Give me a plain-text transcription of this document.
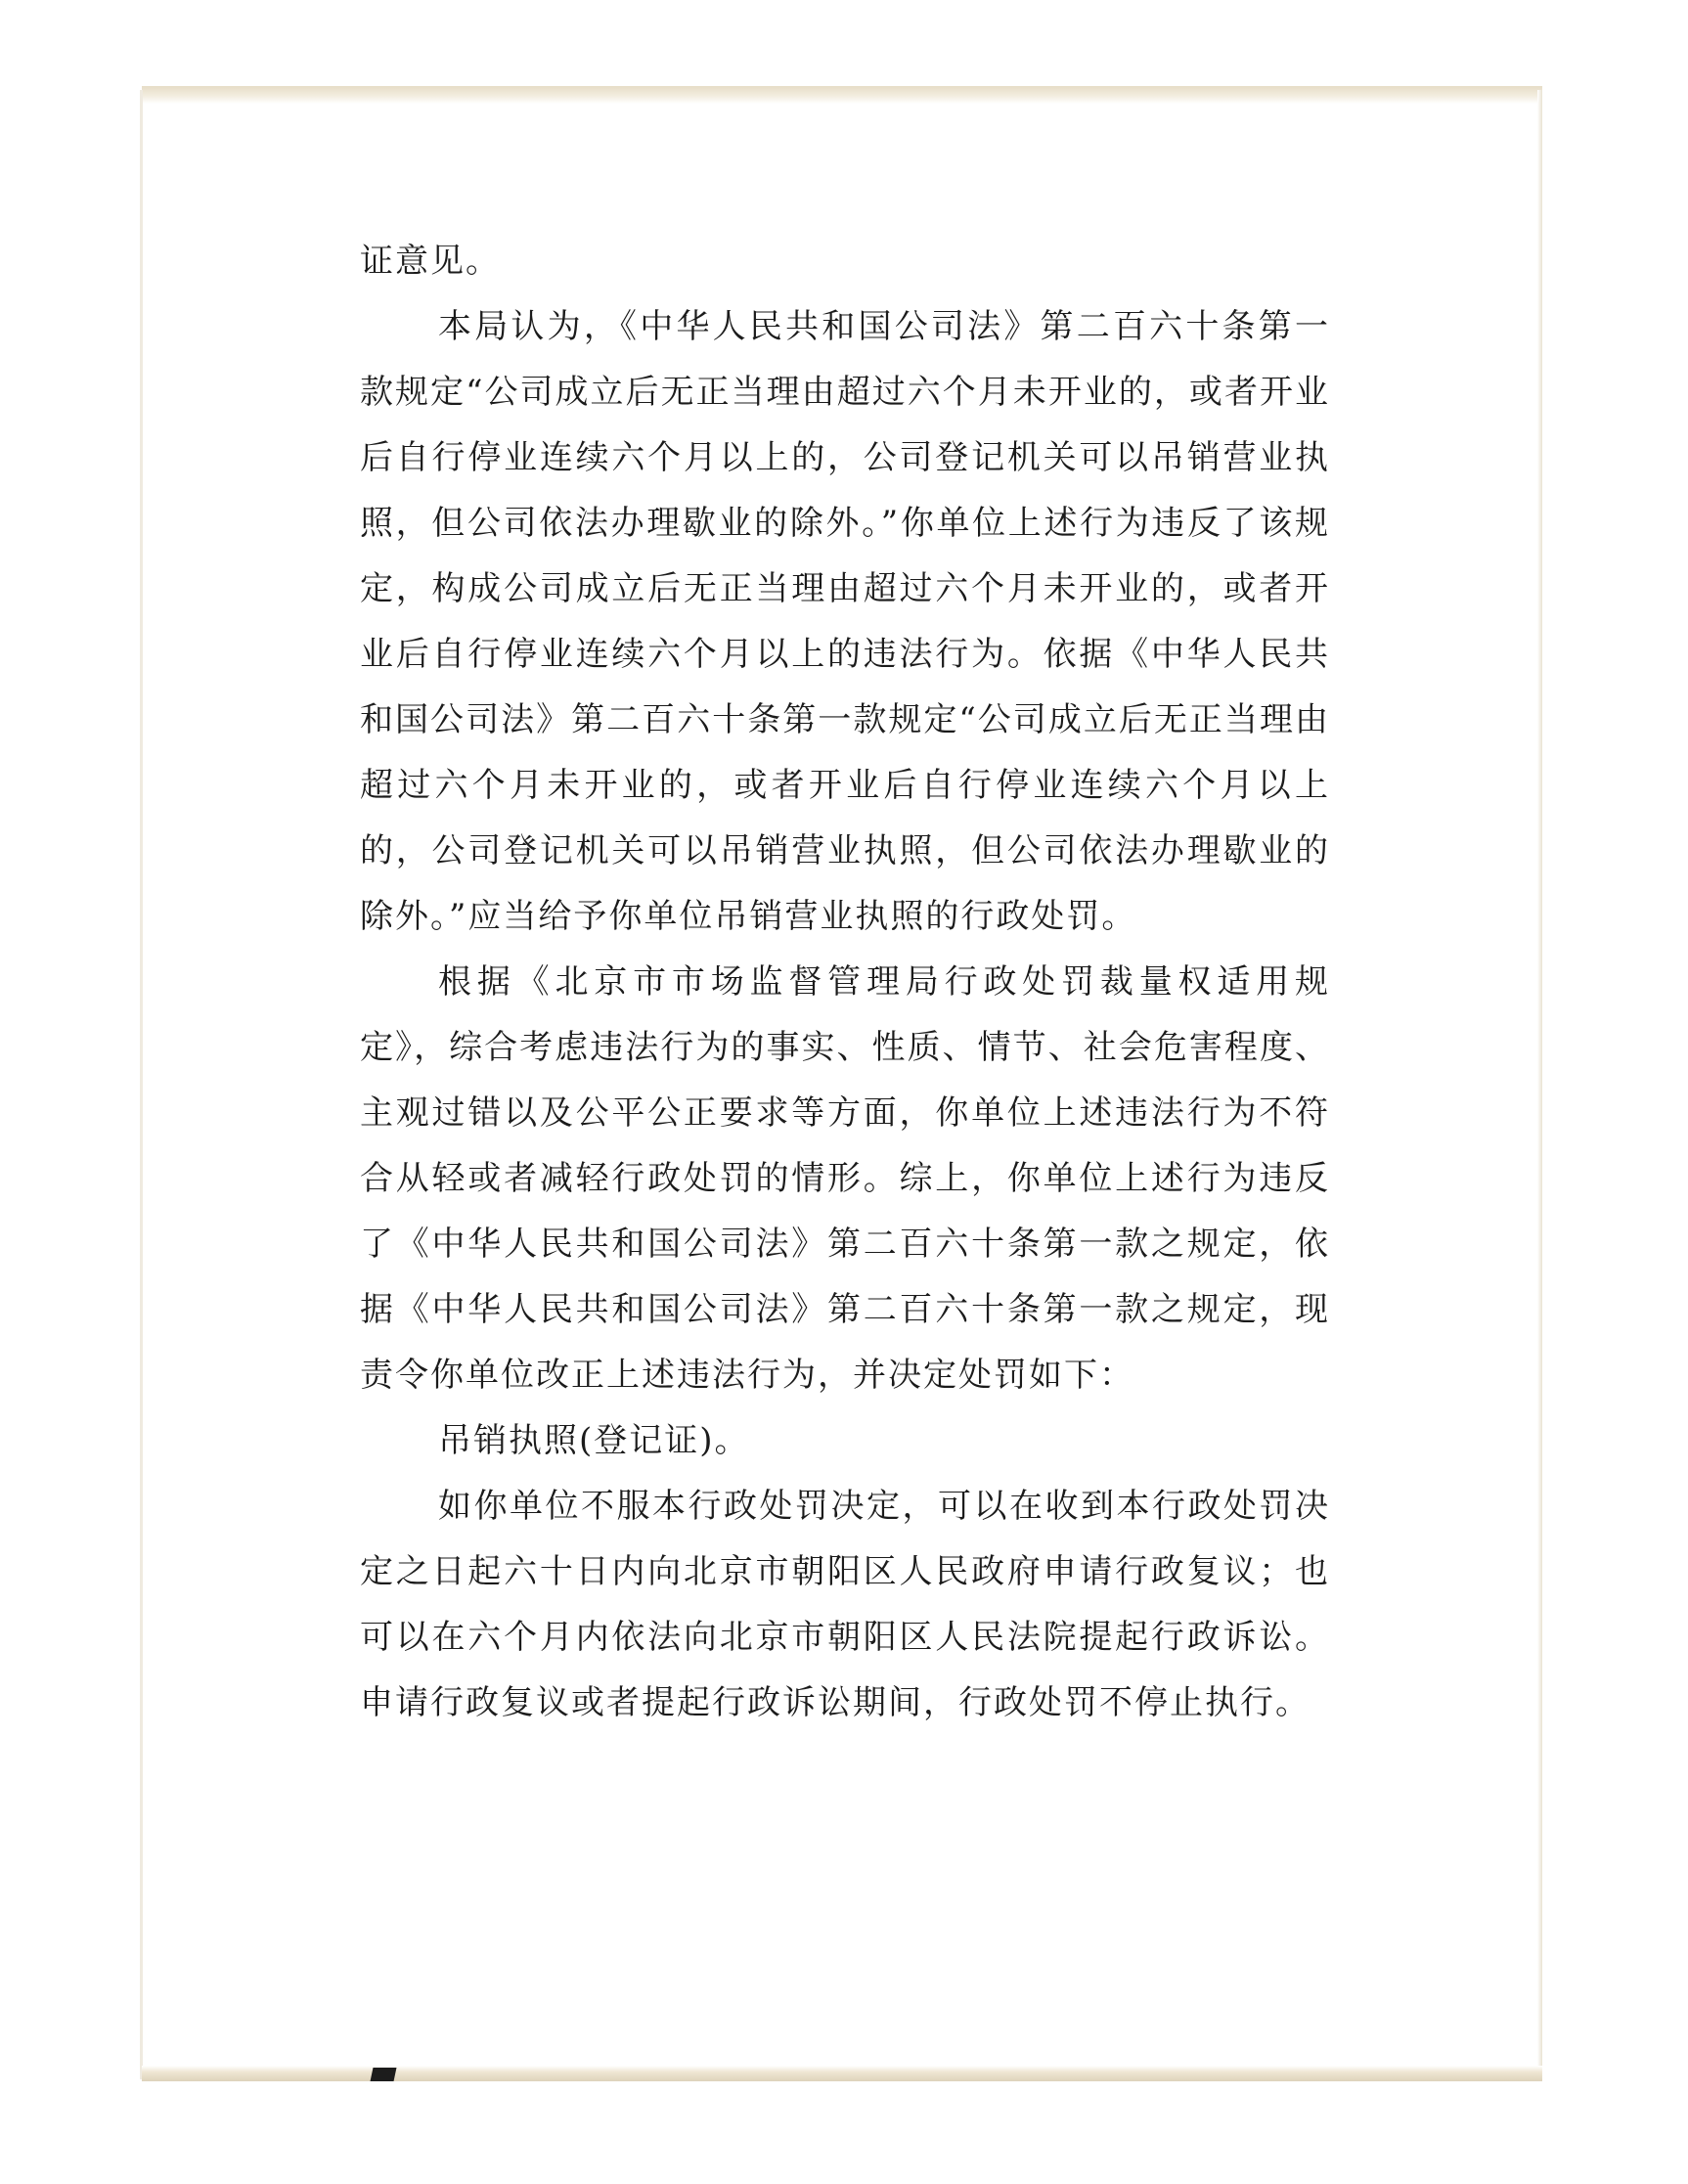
证意见。

本局认为，《中华人民共和国公司法》第二百六十条第一款规定“公司成立后无正当理由超过六个月未开业的，或者开业后自行停业连续六个月以上的，公司登记机关可以吊销营业执照，但公司依法办理歇业的除外。”你单位上述行为违反了该规定，构成公司成立后无正当理由超过六个月未开业的，或者开业后自行停业连续六个月以上的违法行为。依据《中华人民共和国公司法》第二百六十条第一款规定“公司成立后无正当理由超过六个月未开业的，或者开业后自行停业连续六个月以上的，公司登记机关可以吊销营业执照，但公司依法办理歇业的除外。”应当给予你单位吊销营业执照的行政处罚。

根据《北京市市场监督管理局行政处罚裁量权适用规定》，综合考虑违法行为的事实、性质、情节、社会危害程度、主观过错以及公平公正要求等方面，你单位上述违法行为不符合从轻或者减轻行政处罚的情形。综上，你单位上述行为违反了《中华人民共和国公司法》第二百六十条第一款之规定，依据《中华人民共和国公司法》第二百六十条第一款之规定，现责令你单位改正上述违法行为，并决定处罚如下：

吊销执照(登记证)。

如你单位不服本行政处罚决定，可以在收到本行政处罚决定之日起六十日内向北京市朝阳区人民政府申请行政复议；也可以在六个月内依法向北京市朝阳区人民法院提起行政诉讼。申请行政复议或者提起行政诉讼期间，行政处罚不停止执行。
